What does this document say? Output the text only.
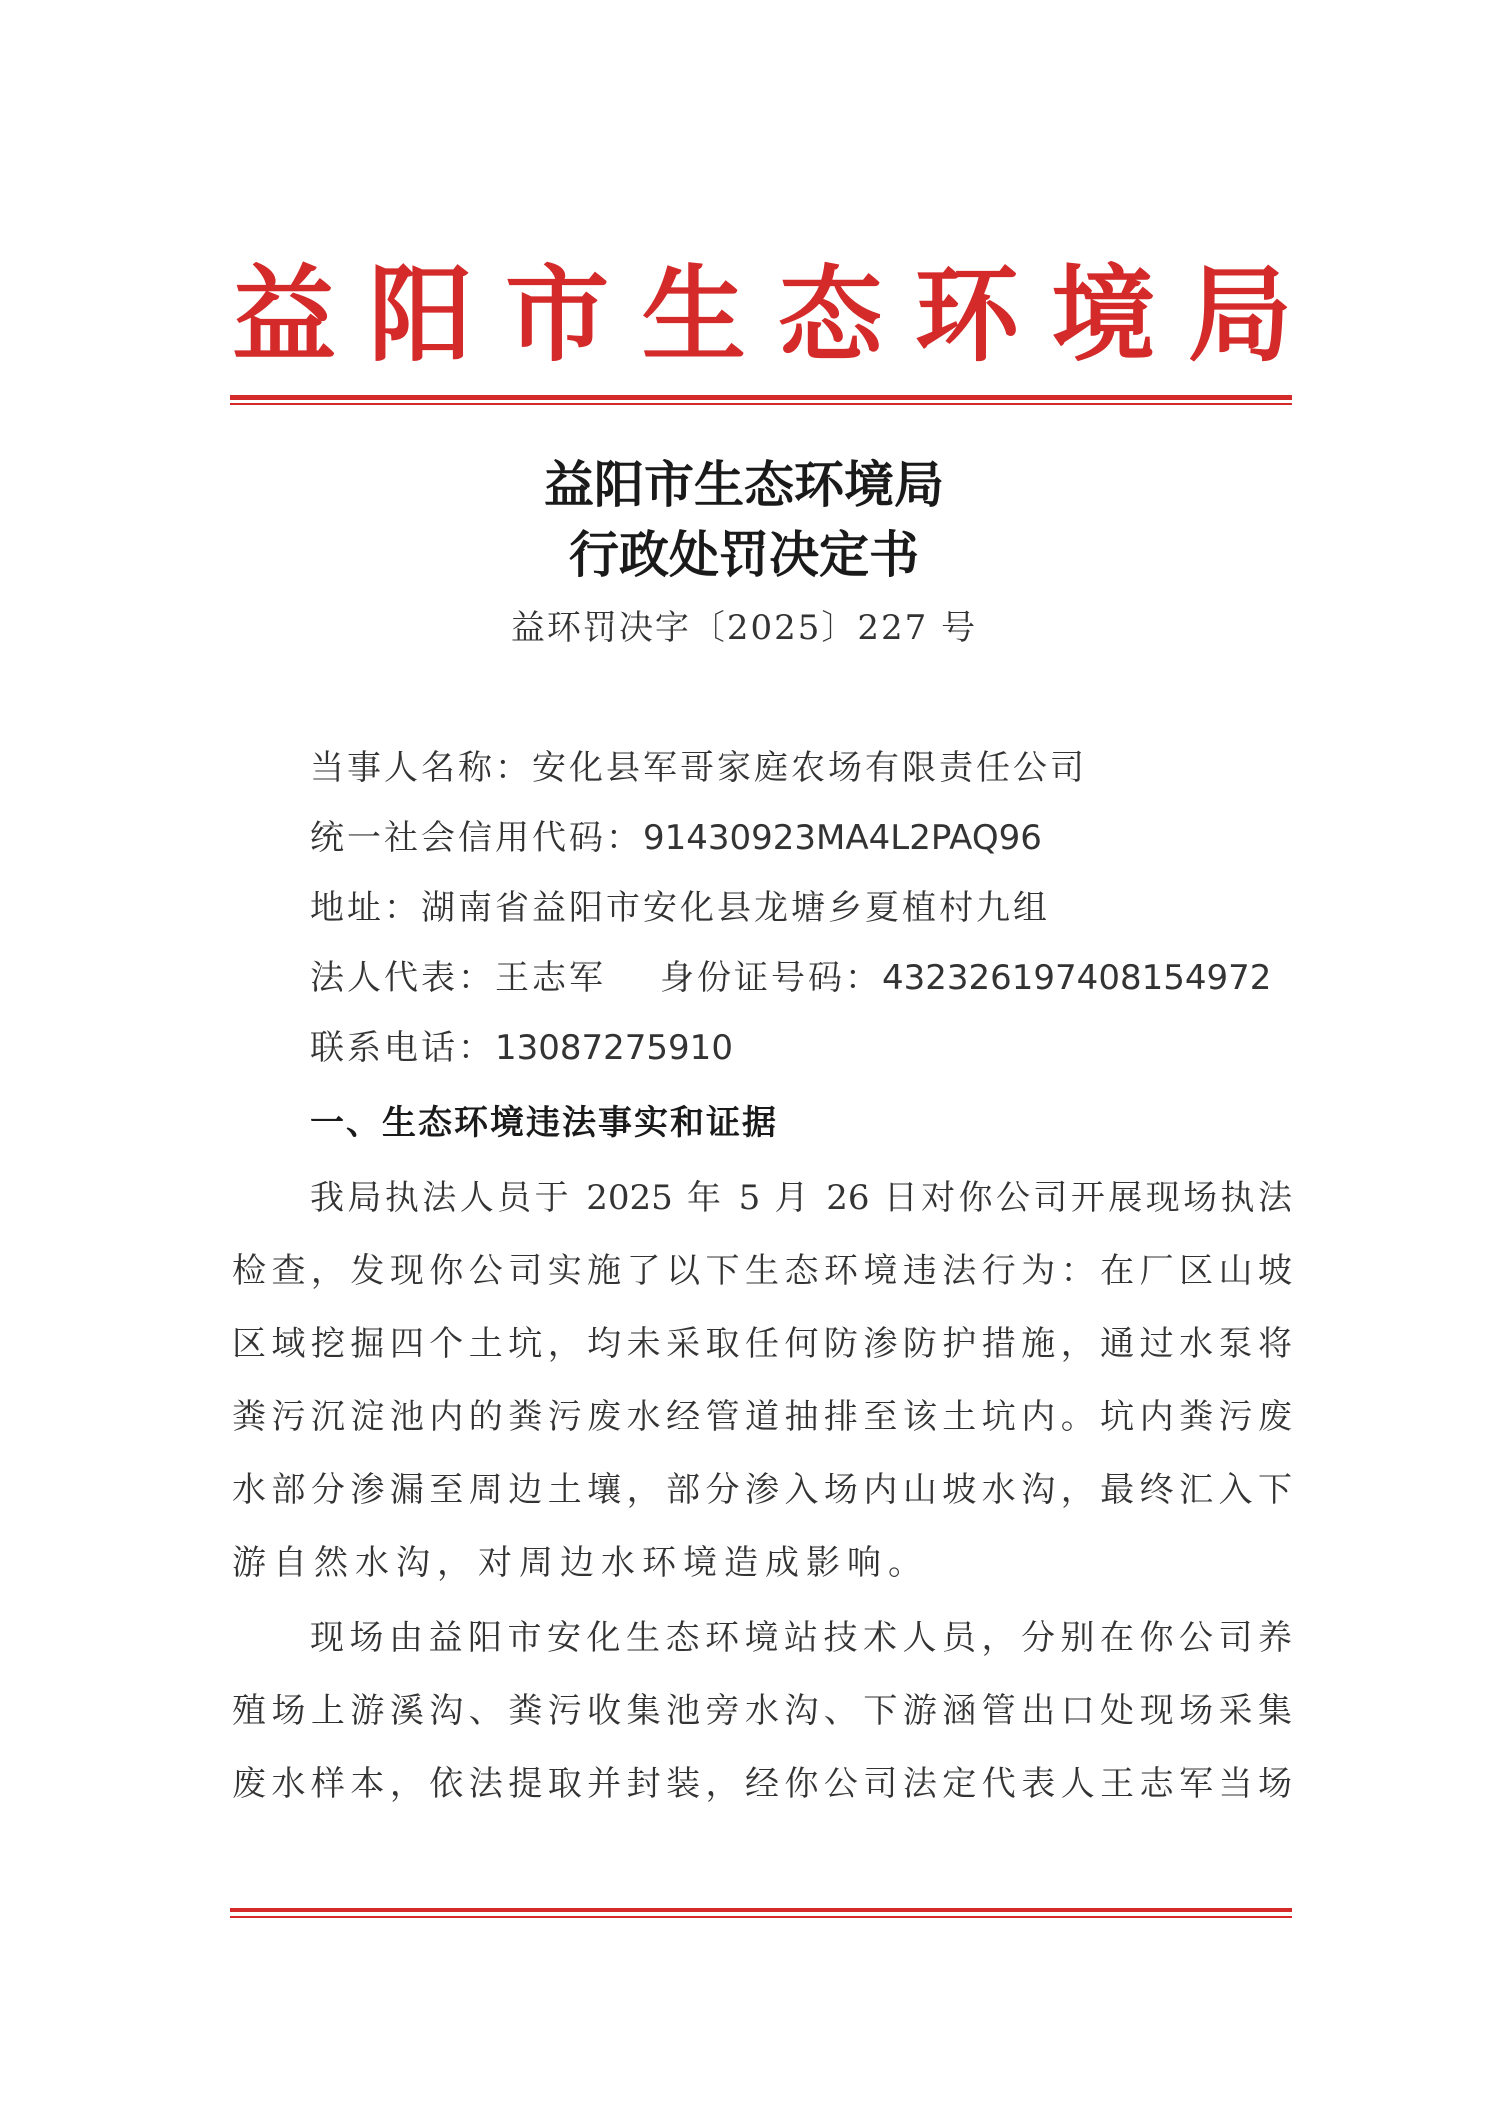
益 阳 市 生 态 环 境 局
益阳市生态环境局
行政处罚决定书
益环罚决字〔2025〕227 号
当事人名称：安化县军哥家庭农场有限责任公司
统一社会信用代码：91430923MA4L2PAQ96
地址：湖南省益阳市安化县龙塘乡夏植村九组
法人代表：王志军 身份证号码：432326197408154972
联系电话：13087275910
一、生态环境违法事实和证据
我局执法人员于 2025 年 5 月 26 日对你公司开展现场执法
检查，发现你公司实施了以下生态环境违法行为：在厂区山坡
区域挖掘四个土坑，均未采取任何防渗防护措施，通过水泵将
粪污沉淀池内的粪污废水经管道抽排至该土坑内。坑内粪污废
水部分渗漏至周边土壤，部分渗入场内山坡水沟，最终汇入下
游自然水沟，对周边水环境造成影响。
现场由益阳市安化生态环境站技术人员，分别在你公司养
殖场上游溪沟、粪污收集池旁水沟、下游涵管出口处现场采集
废水样本，依法提取并封装，经你公司法定代表人王志军当场
